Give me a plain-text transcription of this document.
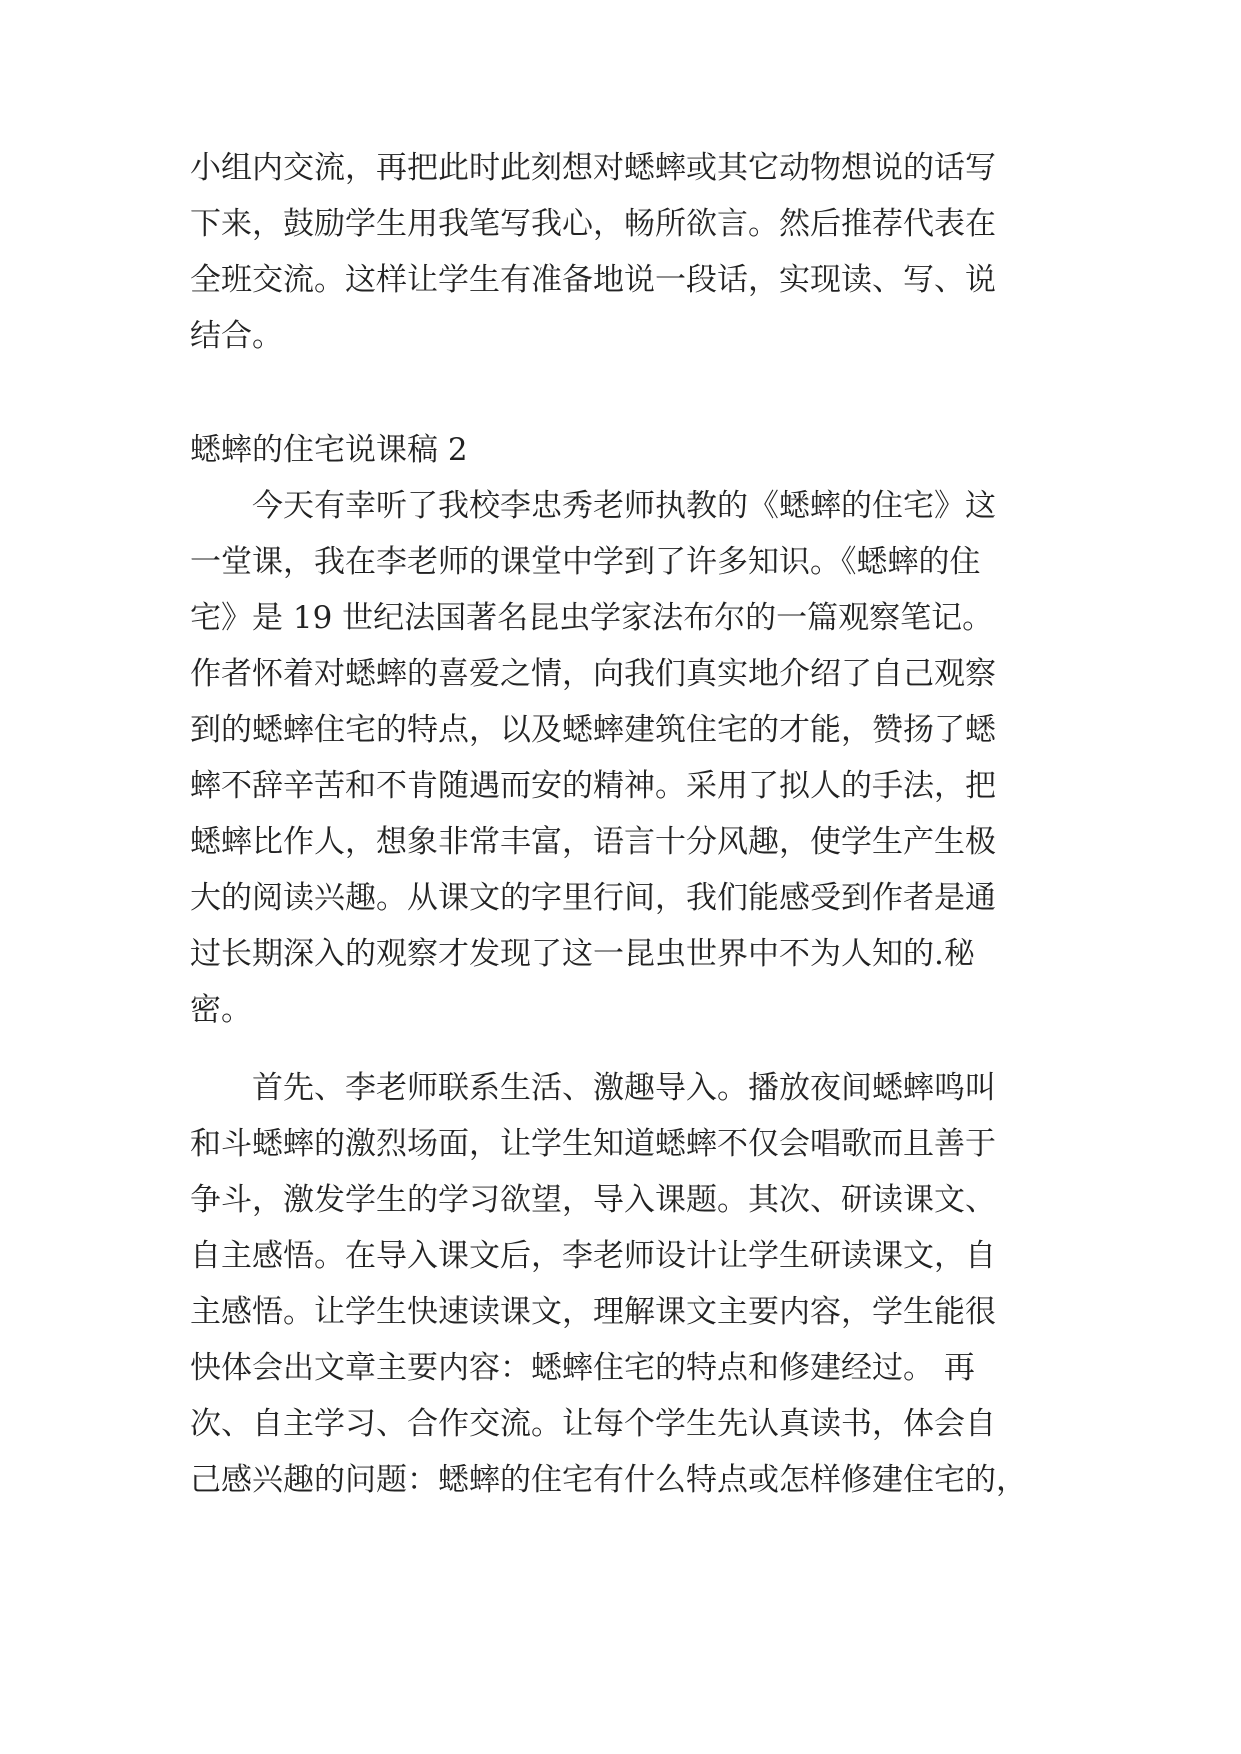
小组内交流，再把此时此刻想对蟋蟀或其它动物想说的话写
下来，鼓励学生用我笔写我心，畅所欲言。然后推荐代表在
全班交流。这样让学生有准备地说一段话，实现读、写、说
结合。
蟋蟀的住宅说课稿 2
　　今天有幸听了我校李忠秀老师执教的《蟋蟀的住宅》这
一堂课，我在李老师的课堂中学到了许多知识。《蟋蟀的住
宅》是 19 世纪法国著名昆虫学家法布尔的一篇观察笔记。
作者怀着对蟋蟀的喜爱之情，向我们真实地介绍了自己观察
到的蟋蟀住宅的特点，以及蟋蟀建筑住宅的才能，赞扬了蟋
蟀不辞辛苦和不肯随遇而安的精神。采用了拟人的手法，把
蟋蟀比作人，想象非常丰富，语言十分风趣，使学生产生极
大的阅读兴趣。从课文的字里行间，我们能感受到作者是通
过长期深入的观察才发现了这一昆虫世界中不为人知的.秘
密。
　　首先、李老师联系生活、激趣导入。播放夜间蟋蟀鸣叫
和斗蟋蟀的激烈场面，让学生知道蟋蟀不仅会唱歌而且善于
争斗，激发学生的学习欲望，导入课题。其次、研读课文、
自主感悟。在导入课文后，李老师设计让学生研读课文，自
主感悟。让学生快速读课文，理解课文主要内容，学生能很
快体会出文章主要内容：蟋蟀住宅的特点和修建经过。 再
次、自主学习、合作交流。让每个学生先认真读书，体会自
己感兴趣的问题：蟋蟀的住宅有什么特点或怎样修建住宅的，
